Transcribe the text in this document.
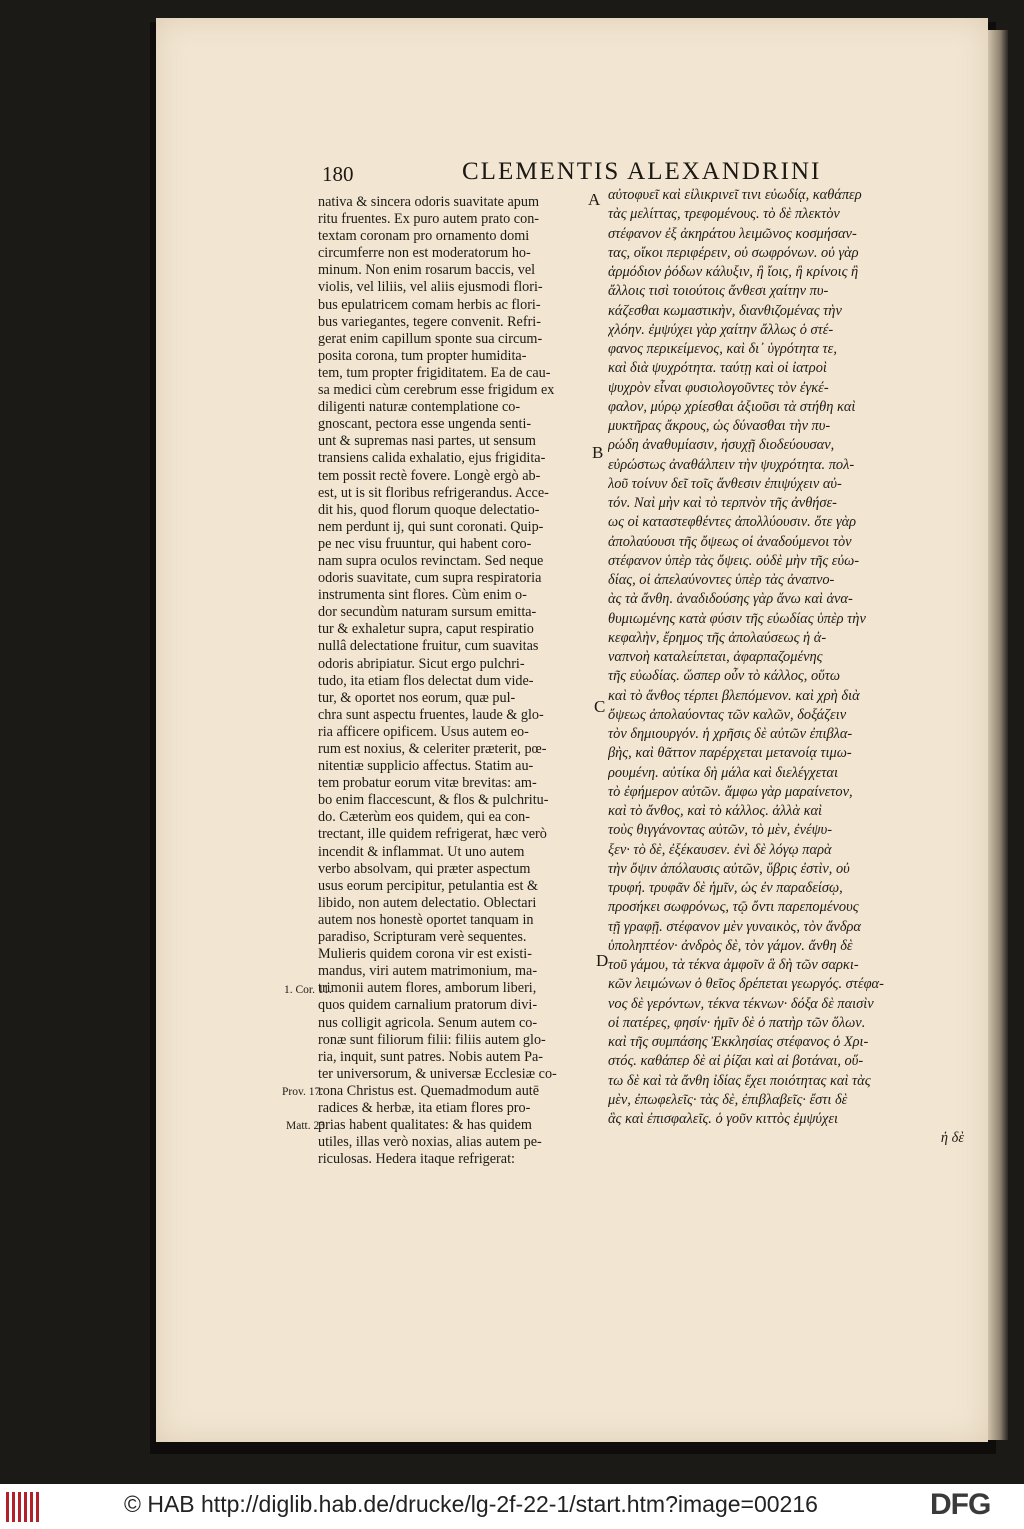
180	CLEMENTIS ALEXANDRINI
nativa & sincera odoris suavitate apum
ritu fruentes. Ex puro autem prato con-
textam coronam pro ornamento domi
circumferre non est moderatorum ho-
minum. Non enim rosarum baccis, vel
violis, vel liliis, vel aliis ejusmodi flori-
bus epulatricem comam herbis ac flori-
bus variegantes, tegere convenit. Refri-
gerat enim capillum sponte sua circum-
posita corona, tum propter humidita-
tem, tum propter frigiditatem. Ea de cau-
sa medici cùm cerebrum esse frigidum ex
diligenti naturæ contemplatione co-
gnoscant, pectora esse ungenda senti-
unt & supremas nasi partes, ut sensum
transiens calida exhalatio, ejus frigidita-
tem possit rectè fovere. Longè ergò ab-
est, ut is sit floribus refrigerandus. Acce-
dit his, quod florum quoque delectatio-
nem perdunt ij, qui sunt coronati. Quip-
pe nec visu fruuntur, qui habent coro-
nam supra oculos revinctam. Sed neque
odoris suavitate, cum supra respiratoria
instrumenta sint flores. Cùm enim o-
dor secundùm naturam sursum emitta-
tur & exhaletur supra, caput respiratio
nullâ delectatione fruitur, cum suavitas
odoris abripiatur. Sicut ergo pulchri-
tudo, ita etiam flos delectat dum vide-
tur, & oportet nos eorum, quæ pul-
chra sunt aspectu fruentes, laude & glo-
ria afficere opificem. Usus autem eo-
rum est noxius, & celeriter præterit, pœ-
nitentiæ supplicio affectus. Statim au-
tem probatur eorum vitæ brevitas: am-
bo enim flaccescunt, & flos & pulchritu-
do. Cæterùm eos quidem, qui ea con-
trectant, ille quidem refrigerat, hæc verò
incendit & inflammat. Ut uno autem
verbo absolvam, qui præter aspectum
usus eorum percipitur, petulantia est &
libido, non autem delectatio. Oblectari
autem nos honestè oportet tanquam in
paradiso, Scripturam verè sequentes.
Mulieris quidem corona vir est existi-
mandus, viri autem matrimonium, ma-
trimonii autem flores, amborum liberi,
quos quidem carnalium pratorum divi-
nus colligit agricola. Senum autem co-
ronæ sunt filiorum filii: filiis autem glo-
ria, inquit, sunt patres. Nobis autem Pa-
ter universorum, & universæ Ecclesiæ co-
rona Christus est. Quemadmodum autē
radices & herbæ, ita etiam flores pro-
prias habent qualitates: & has quidem
utiles, illas verò noxias, alias autem pe-
riculosas. Hedera itaque refrigerat:
αὐτοφυεῖ καὶ εἰλικρινεῖ τινι εὐωδίᾳ, καθάπερ
τὰς μελίττας, τρεφομένους. τὸ δὲ πλεκτὸν
στέφανον ἐξ ἀκηράτου λειμῶνος κοσμήσαν-
τας, οἴκοι περιφέρειν, οὐ σωφρόνων. οὐ γὰρ
ἁρμόδιον ῥόδων κάλυξιν, ἢ ἴοις, ἢ κρίνοις ἢ
ἄλλοις τισὶ τοιούτοις ἄνθεσι χαίτην πυ-
κάζεσθαι κωμαστικὴν, διανθιζομένας τὴν
χλόην. ἐμψύχει γὰρ χαίτην ἄλλως ὁ στέ-
φανος περικείμενος, καὶ δι᾽ ὑγρότητα τε,
καὶ διὰ ψυχρότητα. ταύτῃ καὶ οἱ ἰατροὶ
ψυχρὸν εἶναι φυσιολογοῦντες τὸν ἐγκέ-
φαλον, μύρῳ χρίεσθαι ἀξιοῦσι τὰ στήθη καὶ
μυκτῆρας ἄκρους, ὡς δύνασθαι τὴν πυ-
ρώδη ἀναθυμίασιν, ἡσυχῇ διοδεύουσαν,
εὐρώστως ἀναθάλπειν τὴν ψυχρότητα. πολ-
λοῦ τοίνυν δεῖ τοῖς ἄνθεσιν ἐπιψύχειν αὐ-
τόν. Ναὶ μὴν καὶ τὸ τερπνὸν τῆς ἀνθήσε-
ως οἱ καταστεφθέντες ἀπολλύουσιν. ὅτε γὰρ
ἀπολαύουσι τῆς ὄψεως οἱ ἀναδούμενοι τὸν
στέφανον ὑπὲρ τὰς ὄψεις. οὐδὲ μὴν τῆς εὐω-
δίας, οἱ ἀπελαύνοντες ὑπὲρ τὰς ἀναπνο-
ὰς τὰ ἄνθη. ἀναδιδούσης γὰρ ἄνω καὶ ἀνα-
θυμιωμένης κατὰ φύσιν τῆς εὐωδίας ὑπὲρ τὴν
κεφαλὴν, ἔρημος τῆς ἀπολαύσεως ἡ ἀ-
ναπνοὴ καταλείπεται, ἀφαρπαζομένης
τῆς εὐωδίας. ὥσπερ οὖν τὸ κάλλος, οὕτω
καὶ τὸ ἄνθος τέρπει βλεπόμενον. καὶ χρὴ διὰ
ὄψεως ἀπολαύοντας τῶν καλῶν, δοξάζειν
τὸν δημιουργόν. ἡ χρῆσις δὲ αὐτῶν ἐπιβλα-
βὴς, καὶ θᾶττον παρέρχεται μετανοίᾳ τιμω-
ρουμένη. αὐτίκα δὴ μάλα καὶ διελέγχεται
τὸ ἐφήμερον αὐτῶν. ἄμφω γὰρ μαραίνετον,
καὶ τὸ ἄνθος, καὶ τὸ κάλλος. ἀλλὰ καὶ
τοὺς θιγγάνοντας αὐτῶν, τὸ μὲν, ἐνέψυ-
ξεν· τὸ δὲ, ἐξέκαυσεν. ἐνὶ δὲ λόγῳ παρὰ
τὴν ὄψιν ἀπόλαυσις αὐτῶν, ὕβρις ἐστὶν, οὐ
τρυφή. τρυφᾶν δὲ ἡμῖν, ὡς ἐν παραδείσῳ,
προσήκει σωφρόνως, τῷ ὄντι παρεπομένους
τῇ γραφῇ. στέφανον μὲν γυναικὸς, τὸν ἄνδρα
ὑποληπτέον· ἀνδρὸς δὲ, τὸν γάμον. ἄνθη δὲ
τοῦ γάμου, τὰ τέκνα ἀμφοῖν ἃ δὴ τῶν σαρκι-
κῶν λειμώνων ὁ θεῖος δρέπεται γεωργός. στέφα-
νος δὲ γερόντων, τέκνα τέκνων· δόξα δὲ παισὶν
οἱ πατέρες, φησίν· ἡμῖν δὲ ὁ πατὴρ τῶν ὅλων.
καὶ τῆς συμπάσης Ἐκκλησίας στέφανος ὁ Χρι-
στός. καθάπερ δὲ αἱ ῥίζαι καὶ αἱ βοτάναι, οὕ-
τω δὲ καὶ τὰ ἄνθη ἰδίας ἔχει ποιότητας καὶ τὰς
μὲν, ἐπωφελεῖς· τὰς δὲ, ἐπιβλαβεῖς· ἔστι δὲ
ἃς καὶ ἐπισφαλεῖς. ὁ γοῦν κιττὸς ἐμψύχει
ἡ δὲ
A
B
C
D
1. Cor. 11.
Prov. 17.
Matt. 23.
© HAB http://diglib.hab.de/drucke/lg-2f-22-1/start.htm?image=00216	DFG
